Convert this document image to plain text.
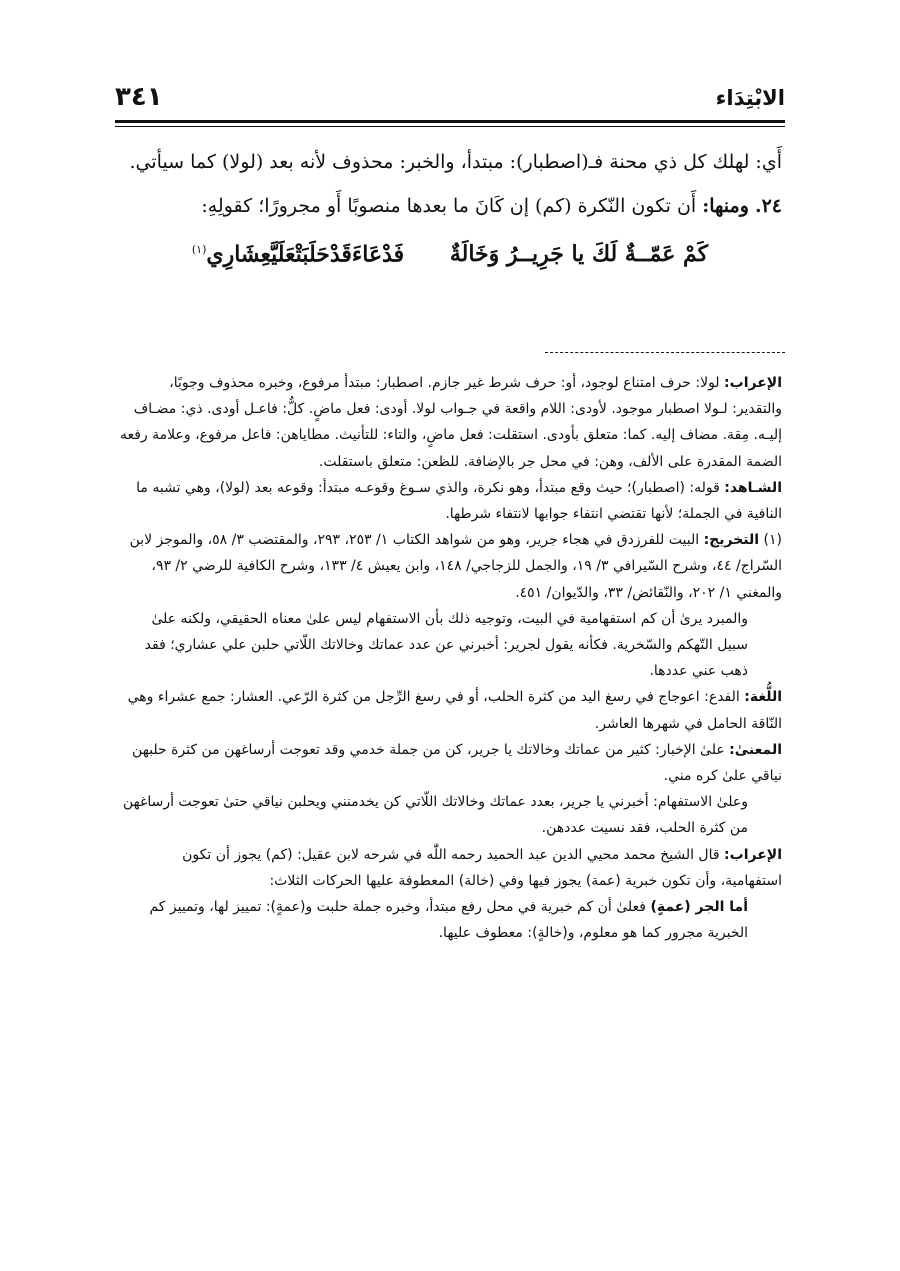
الابْتِدَاء
٣٤١

أَي: لهلك كل ذي محنة فـ(اصطبار): مبتدأ، والخبر: محذوف لأنه بعد (لولا) كما سيأتي.

٢٤. ومنها: أَن تكون النّكرة (كم) إن كَانَ ما بعدها منصوبًا أَو مجرورًا؛ كقولِهِ:

كَمْ عَمّــةٌ لَكَ يا جَرِيــرُ وَخَالَةٌ فَدْعَاءَقَدْحَلَبَتْعَلَيَّعِشَارِي$^{(١)}$

الإعراب: لولا: حرف امتناع لوجود، أو: حرف شرط غير جازم. اصطبار: مبتدأ مرفوع، وخبره محذوف وجوبًا، والتقدير: لـولا اصطبار موجود. لأودى: اللام واقعة في جـواب لولا. أودى: فعل ماضٍ. كلٌّ: فاعـل أودى. ذي: مضـاف إليـه. مِقة. مضاف إليه. كما: متعلق بأودى. استقلت: فعل ماضٍ، والتاء: للتأنيث. مطاياهن: فاعل مرفوع، وعلامة رفعه الضمة المقدرة على الألف، وهن: في محل جر بالإضافة. للظعن: متعلق باستقلت.

الشـاهد: قوله: (اصطبار)؛ حيث وقع مبتدأ، وهو نكرة، والذي سـوغ وقوعـه مبتدأ: وقوعه بعد (لولا)، وهي تشبه ما النافية في الجملة؛ لأنها تقتضي انتفاء جوابها لانتفاء شرطها.

(١) التخريج: البيت للفرزدق في هجاء جرير، وهو من شواهد الكتاب ١/ ٢٥٣، ٢٩٣، والمقتضب ٣/ ٥٨، والموجز لابن السّراج/ ٤٤، وشرح السّيرافي ٣/ ١٩، والجمل للزجاجي/ ١٤٨، وابن يعيش ٤/ ١٣٣، وشرح الكافية للرضي ٢/ ٩٣، والمغني ١/ ٢٠٢، والنّقائض/ ٣٣، والدّيوان/ ٤٥١.

والمبرد يرىٰ أن كم استفهامية في البيت، وتوجيه ذلك بأن الاستفهام ليس علىٰ معناه الحقيقي، ولكنه علىٰ سبيل التّهكم والسّخرية. فكأنه يقول لجرير: أخبرني عن عدد عماتك وخالاتك اللّاتي حلبن علي عشاري؛ فقد ذهب عني عددها.

اللُّغة: الفدع: اعوجاج في رسغ اليد من كثرة الحلب، أو في رسغ الرِّجل من كثرة الرّعي. العشار: جمع عشراء وهي النّاقة الحامل في شهرها العاشر.

المعنىٰ: علىٰ الإخبار: كثير من عماتك وخالاتك يا جرير، كن من جملة خدمي وقد تعوجت أرساغهن من كثرة حلبهن نياقي علىٰ كره مني.

وعلىٰ الاستفهام: أخبرني يا جرير، بعدد عماتك وخالاتك اللّاتي كن يخدمنني ويحلبن نياقي حتىٰ تعوجت أرساغهن من كثرة الحلب، فقد نسيت عددهن.

الإعراب: قال الشيخ محمد محيي الدين عبد الحميد رحمه اللّٰه في شرحه لابن عقيل: (كم) يجوز أن تكون استفهامية، وأن تكون خبرية (عمة) يجوز فيها وفي (خالة) المعطوفة عليها الحركات الثلاث:

أما الجر (عمةٍ) فعلىٰ أن كم خبرية في محل رفع مبتدأ، وخبره جملة حلبت و(عمةٍ): تمييز لها، وتمييز كم الخبرية مجرور كما هو معلوم، و(خالةٍ): معطوف عليها.
